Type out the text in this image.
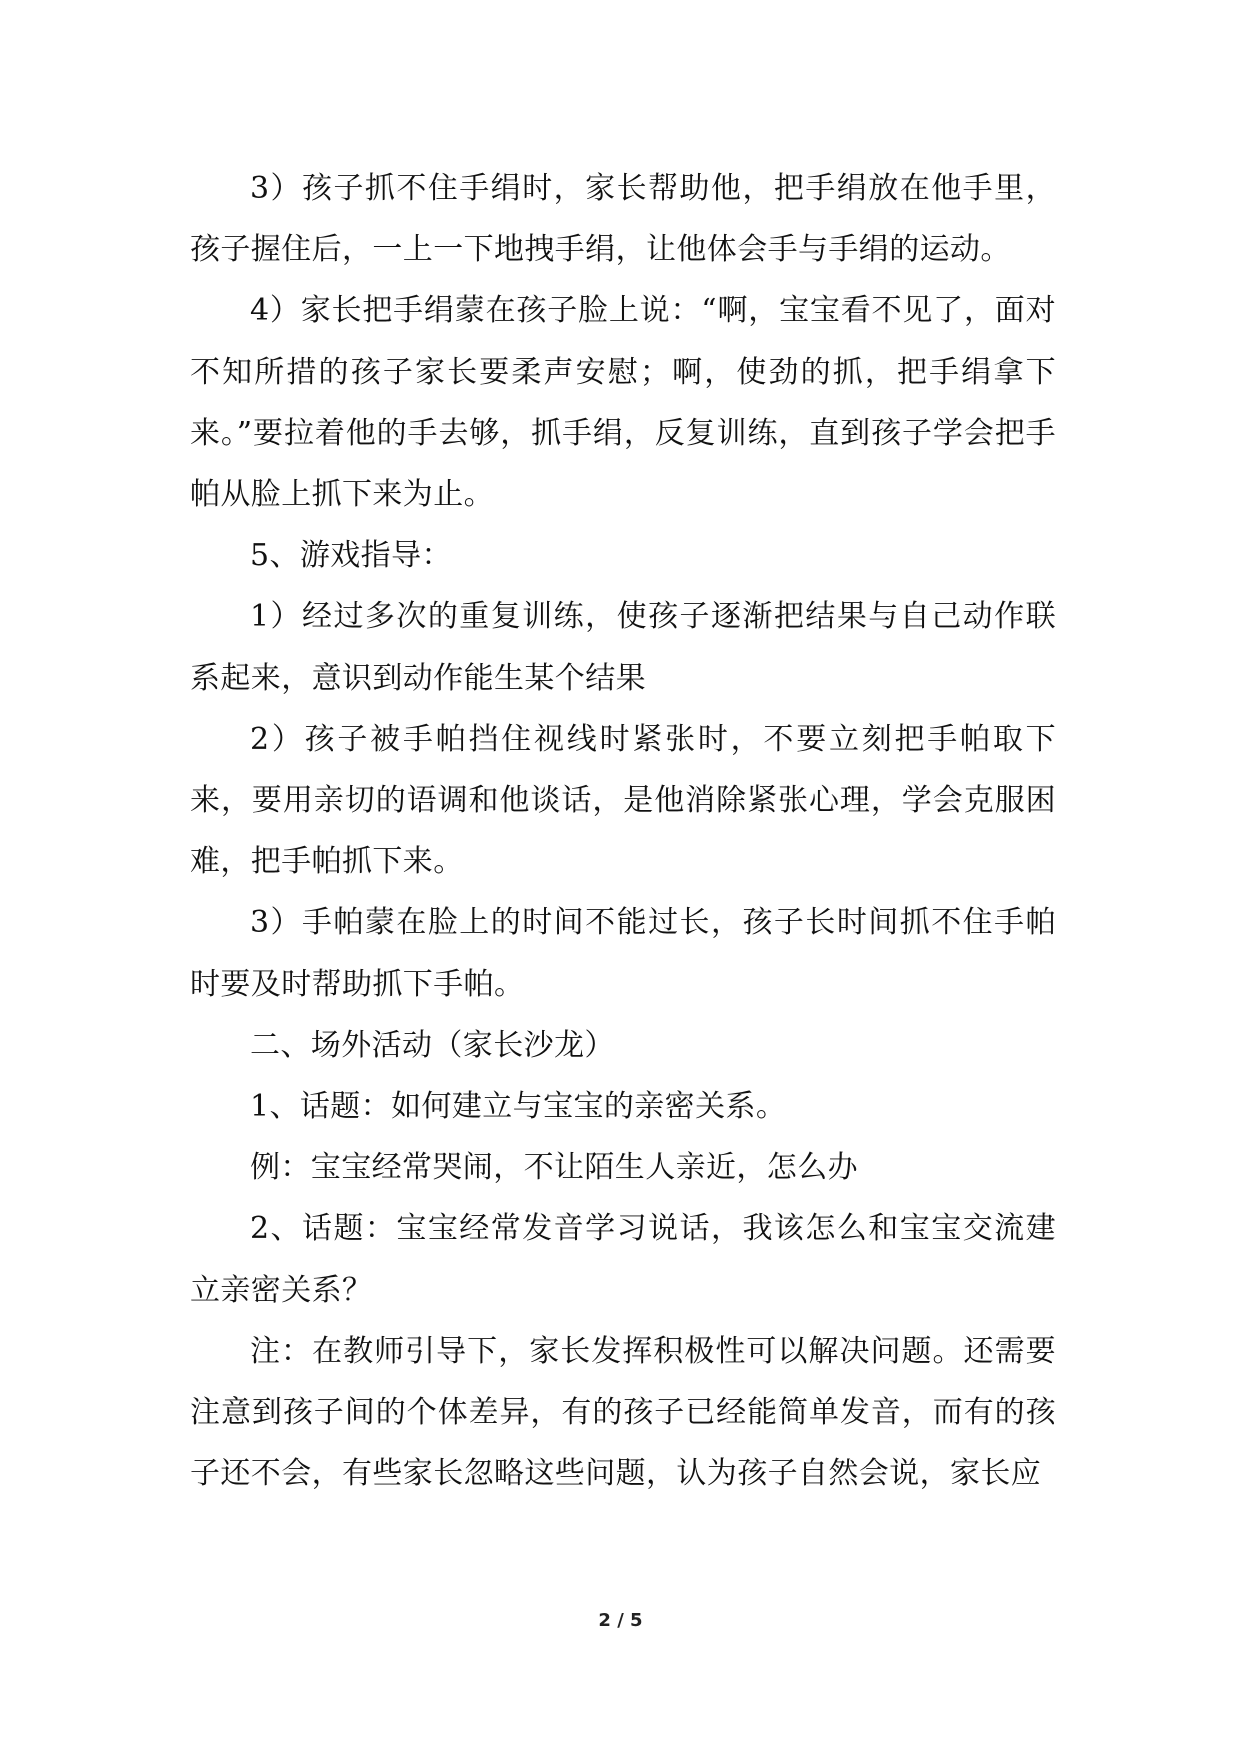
3）孩子抓不住手绢时，家长帮助他，把手绢放在他手里，孩子握住后，一上一下地拽手绢，让他体会手与手绢的运动。

4）家长把手绢蒙在孩子脸上说：“啊，宝宝看不见了，面对不知所措的孩子家长要柔声安慰；啊，使劲的抓，把手绢拿下来。”要拉着他的手去够，抓手绢，反复训练，直到孩子学会把手帕从脸上抓下来为止。

5、游戏指导：

1）经过多次的重复训练，使孩子逐渐把结果与自己动作联系起来，意识到动作能生某个结果

2）孩子被手帕挡住视线时紧张时，不要立刻把手帕取下来，要用亲切的语调和他谈话，是他消除紧张心理，学会克服困难，把手帕抓下来。

3）手帕蒙在脸上的时间不能过长，孩子长时间抓不住手帕时要及时帮助抓下手帕。

二、场外活动（家长沙龙）

1、话题：如何建立与宝宝的亲密关系。

例：宝宝经常哭闹，不让陌生人亲近，怎么办

2、话题：宝宝经常发音学习说话，我该怎么和宝宝交流建立亲密关系？

注：在教师引导下，家长发挥积极性可以解决问题。还需要注意到孩子间的个体差异，有的孩子已经能简单发音，而有的孩子还不会，有些家长忽略这些问题，认为孩子自然会说，家长应

2 / 5
